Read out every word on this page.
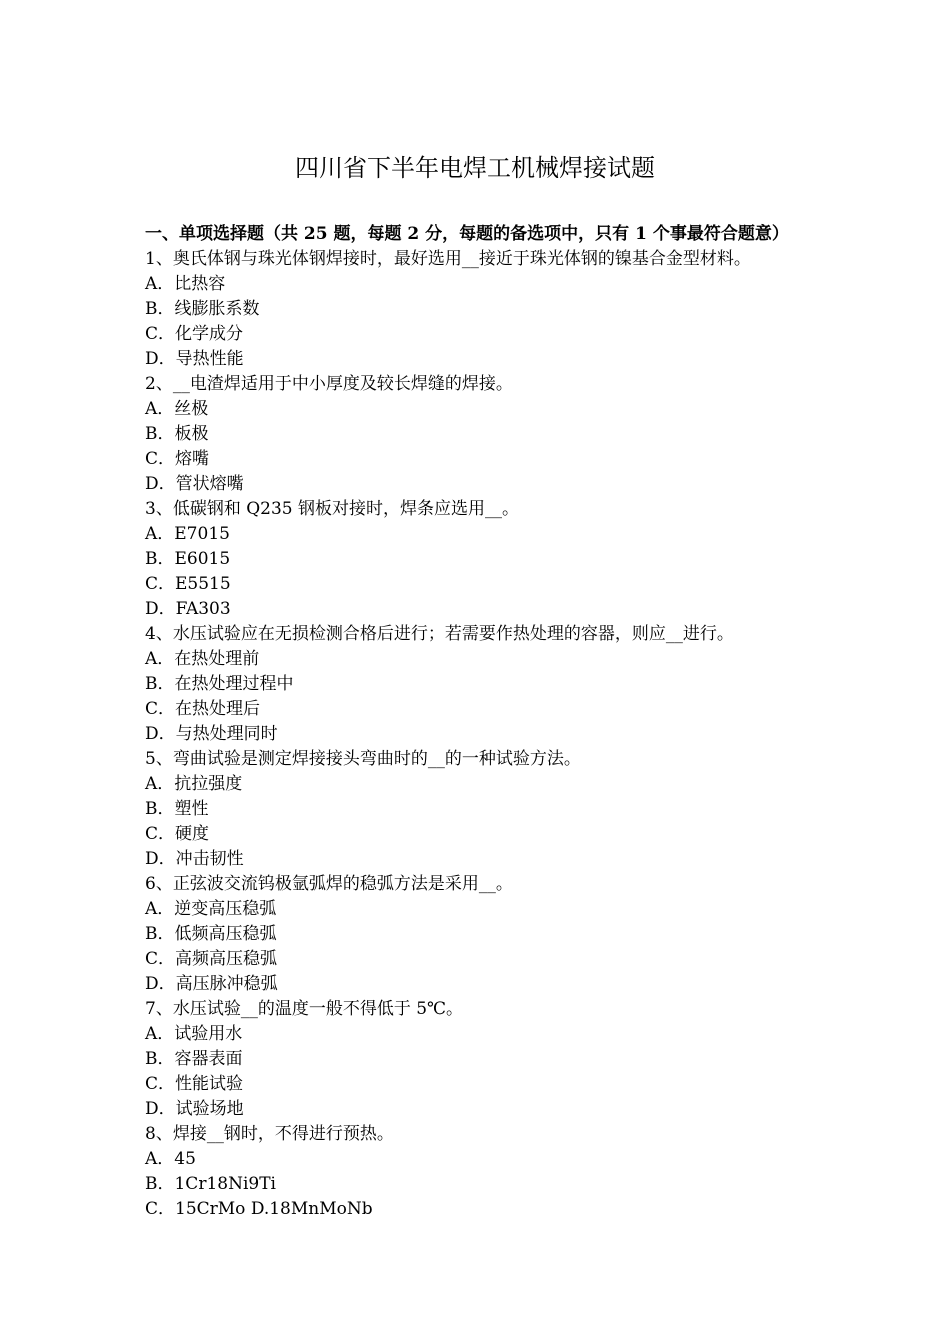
四川省下半年电焊工机械焊接试题
一、单项选择题（共 25 题，每题 2 分，每题的备选项中，只有 1 个事最符合题意）
1、奥氏体钢与珠光体钢焊接时，最好选用__接近于珠光体钢的镍基合金型材料。
A．比热容
B．线膨胀系数
C．化学成分
D．导热性能
2、__电渣焊适用于中小厚度及较长焊缝的焊接。
A．丝极
B．板极
C．熔嘴
D．管状熔嘴
3、低碳钢和 Q235 钢板对接时，焊条应选用__。
A．E7015
B．E6015
C．E5515
D．FA303
4、水压试验应在无损检测合格后进行；若需要作热处理的容器，则应__进行。
A．在热处理前
B．在热处理过程中
C．在热处理后
D．与热处理同时
5、弯曲试验是测定焊接接头弯曲时的__的一种试验方法。
A．抗拉强度
B．塑性
C．硬度
D．冲击韧性
6、正弦波交流钨极氩弧焊的稳弧方法是采用__。
A．逆变高压稳弧
B．低频高压稳弧
C．高频高压稳弧
D．高压脉冲稳弧
7、水压试验__的温度一般不得低于 5℃。
A．试验用水
B．容器表面
C．性能试验
D．试验场地
8、焊接__钢时，不得进行预热。
A．45
B．1Cr18Ni9Ti
C．15CrMo D.18MnMoNb
